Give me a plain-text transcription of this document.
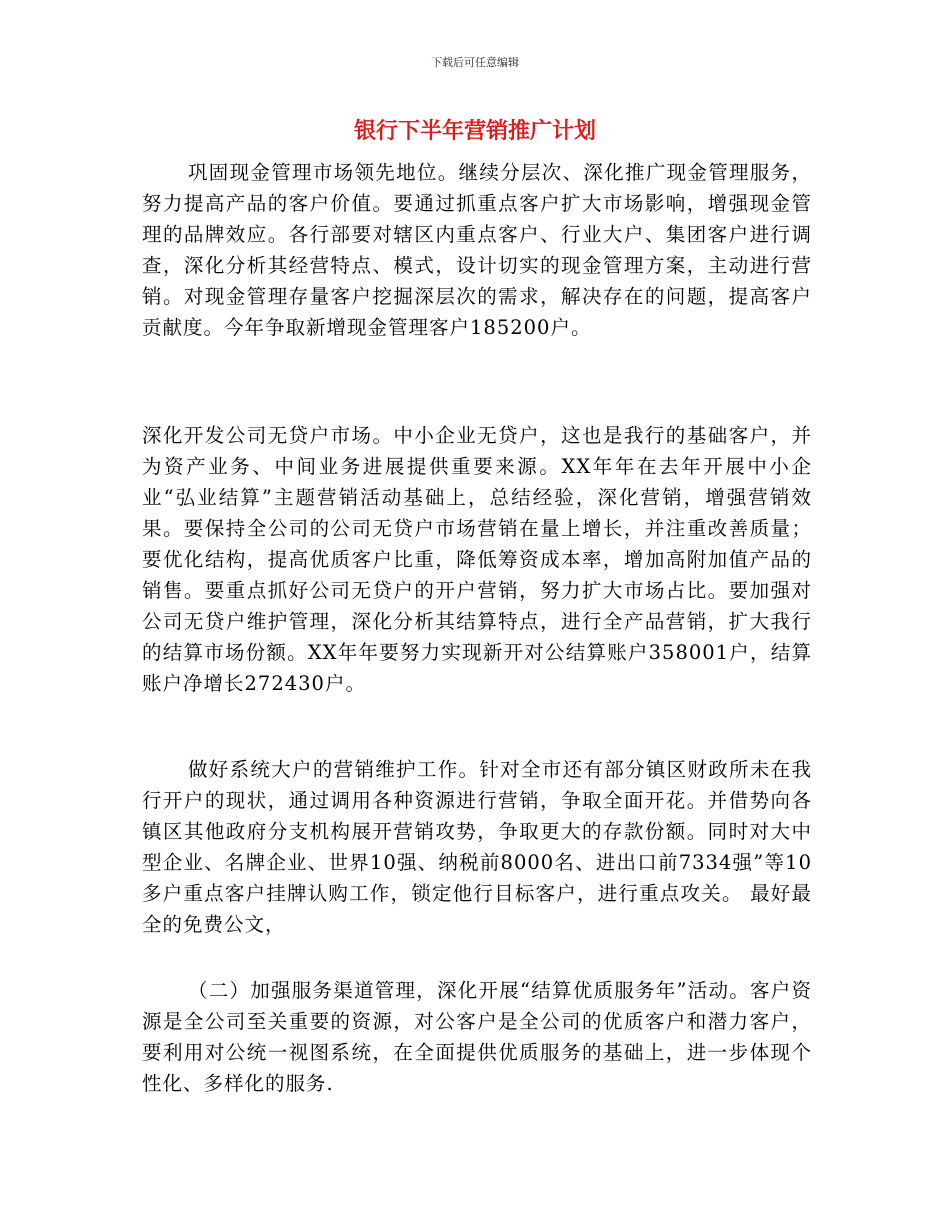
下载后可任意编辑
银行下半年营销推广计划

巩固现金管理市场领先地位。继续分层次、深化推广现金管理服务，努力提高产品的客户价值。要通过抓重点客户扩大市场影响，增强现金管理的品牌效应。各行部要对辖区内重点客户、行业大户、集团客户进行调查，深化分析其经营特点、模式，设计切实的现金管理方案，主动进行营销。对现金管理存量客户挖掘深层次的需求，解决存在的问题，提高客户贡献度。今年争取新增现金管理客户185200户。

深化开发公司无贷户市场。中小企业无贷户，这也是我行的基础客户，并为资产业务、中间业务进展提供重要来源。XX年年在去年开展中小企业“弘业结算”主题营销活动基础上，总结经验，深化营销，增强营销效果。要保持全公司的公司无贷户市场营销在量上增长，并注重改善质量；要优化结构，提高优质客户比重，降低筹资成本率，增加高附加值产品的销售。要重点抓好公司无贷户的开户营销，努力扩大市场占比。要加强对公司无贷户维护管理，深化分析其结算特点，进行全产品营销，扩大我行的结算市场份额。XX年年要努力实现新开对公结算账户358001户，结算账户净增长272430户。

做好系统大户的营销维护工作。针对全市还有部分镇区财政所未在我行开户的现状，通过调用各种资源进行营销，争取全面开花。并借势向各镇区其他政府分支机构展开营销攻势，争取更大的存款份额。同时对大中型企业、名牌企业、世界10强、纳税前8000名、进出口前7334强”等10多户重点客户挂牌认购工作，锁定他行目标客户，进行重点攻关。 最好最全的免费公文，

（二）加强服务渠道管理，深化开展“结算优质服务年”活动。客户资源是全公司至关重要的资源，对公客户是全公司的优质客户和潜力客户，要利用对公统一视图系统，在全面提供优质服务的基础上，进一步体现个性化、多样化的服务.
